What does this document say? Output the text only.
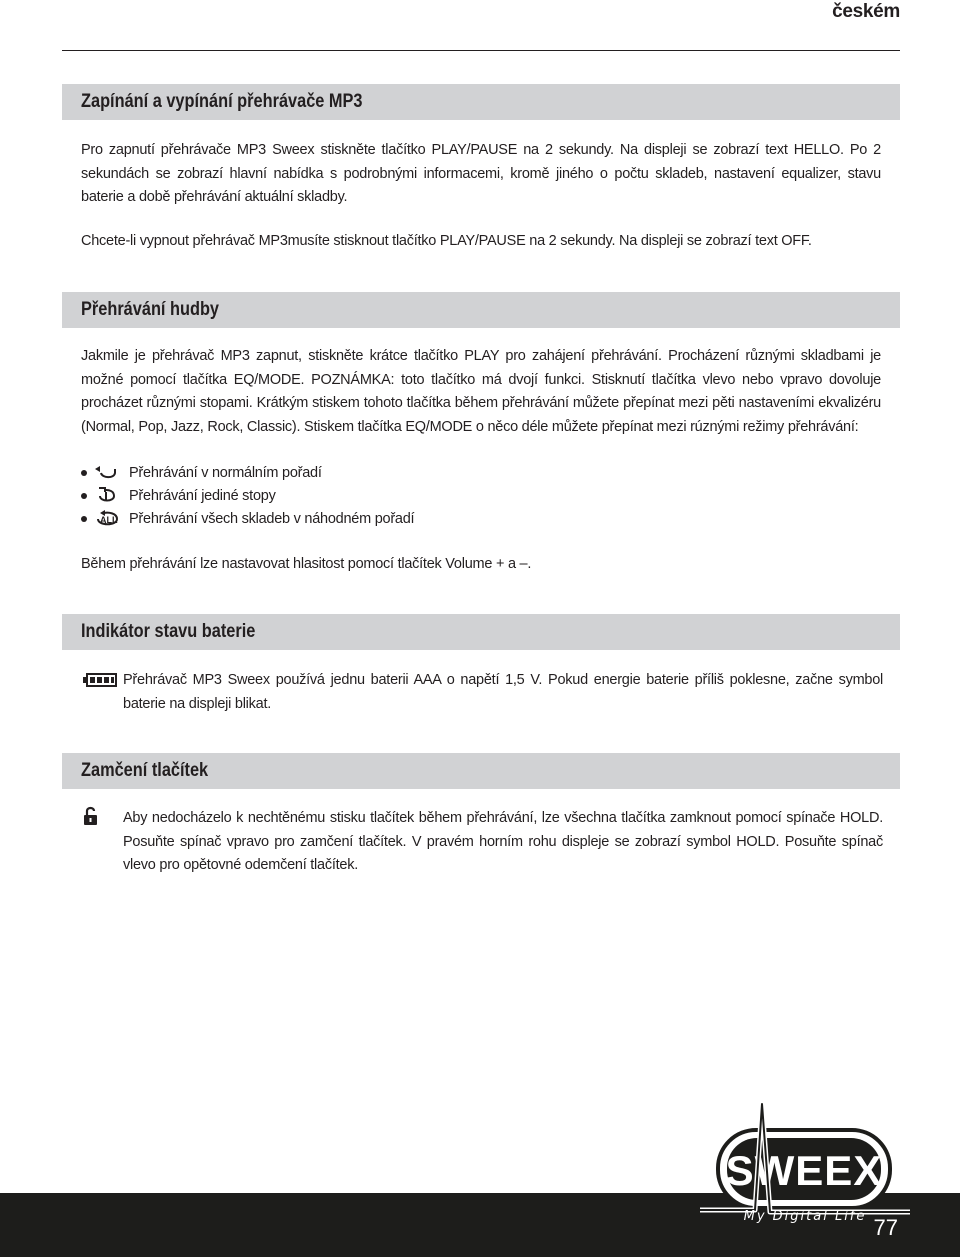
českém
Zapínání a vypínání přehrávače MP3

Pro zapnutí přehrávače MP3 Sweex stiskněte tlačítko PLAY/PAUSE na 2 sekundy. Na displeji se zobrazí text HELLO. Po 2 sekundách se zobrazí hlavní nabídka s podrobnými informacemi, kromě jiného o počtu skladeb, nastavení equalizer, stavu baterie a době přehrávání aktuální skladby.

Chcete-li vypnout přehrávač MP3musíte stisknout tlačítko PLAY/PAUSE na 2 sekundy. Na displeji se zobrazí text OFF.

Přehrávání hudby

Jakmile je přehrávač MP3 zapnut, stiskněte krátce tlačítko PLAY pro zahájení přehrávání. Procházení různými skladbami je možné pomocí tlačítka EQ/MODE. POZNÁMKA: toto tlačítko má dvojí funkci. Stisknutí tlačítka vlevo nebo vpravo dovoluje procházet různými stopami. Krátkým stiskem tohoto tlačítka během přehrávání můžete přepínat mezi pěti nastaveními ekvalizéru (Normal, Pop, Jazz, Rock, Classic). Stiskem tlačítka EQ/MODE o něco déle můžete přepínat mezi rúznými režimy přehrávání:

Přehrávání v normálním pořadí
Přehrávání jediné stopy
ALL Přehrávání všech skladeb v náhodném pořadí

Během přehrávání lze nastavovat hlasitost pomocí tlačítek Volume + a –.

Indikátor stavu baterie

Přehrávač MP3 Sweex používá jednu baterii AAA o napětí 1,5 V. Pokud energie baterie příliš poklesne, začne symbol baterie na displeji blikat.

Zamčení tlačítek

Aby nedocházelo k nechtěnému stisku tlačítek během přehrávání, lze všechna tlačítka zamknout pomocí spínače HOLD. Posuňte spínač vpravo pro zamčení tlačítek. V pravém horním rohu displeje se zobrazí symbol HOLD. Posuňte spínač vlevo pro opětovné odemčení tlačítek.

SWEEX
My Digital Life 77
